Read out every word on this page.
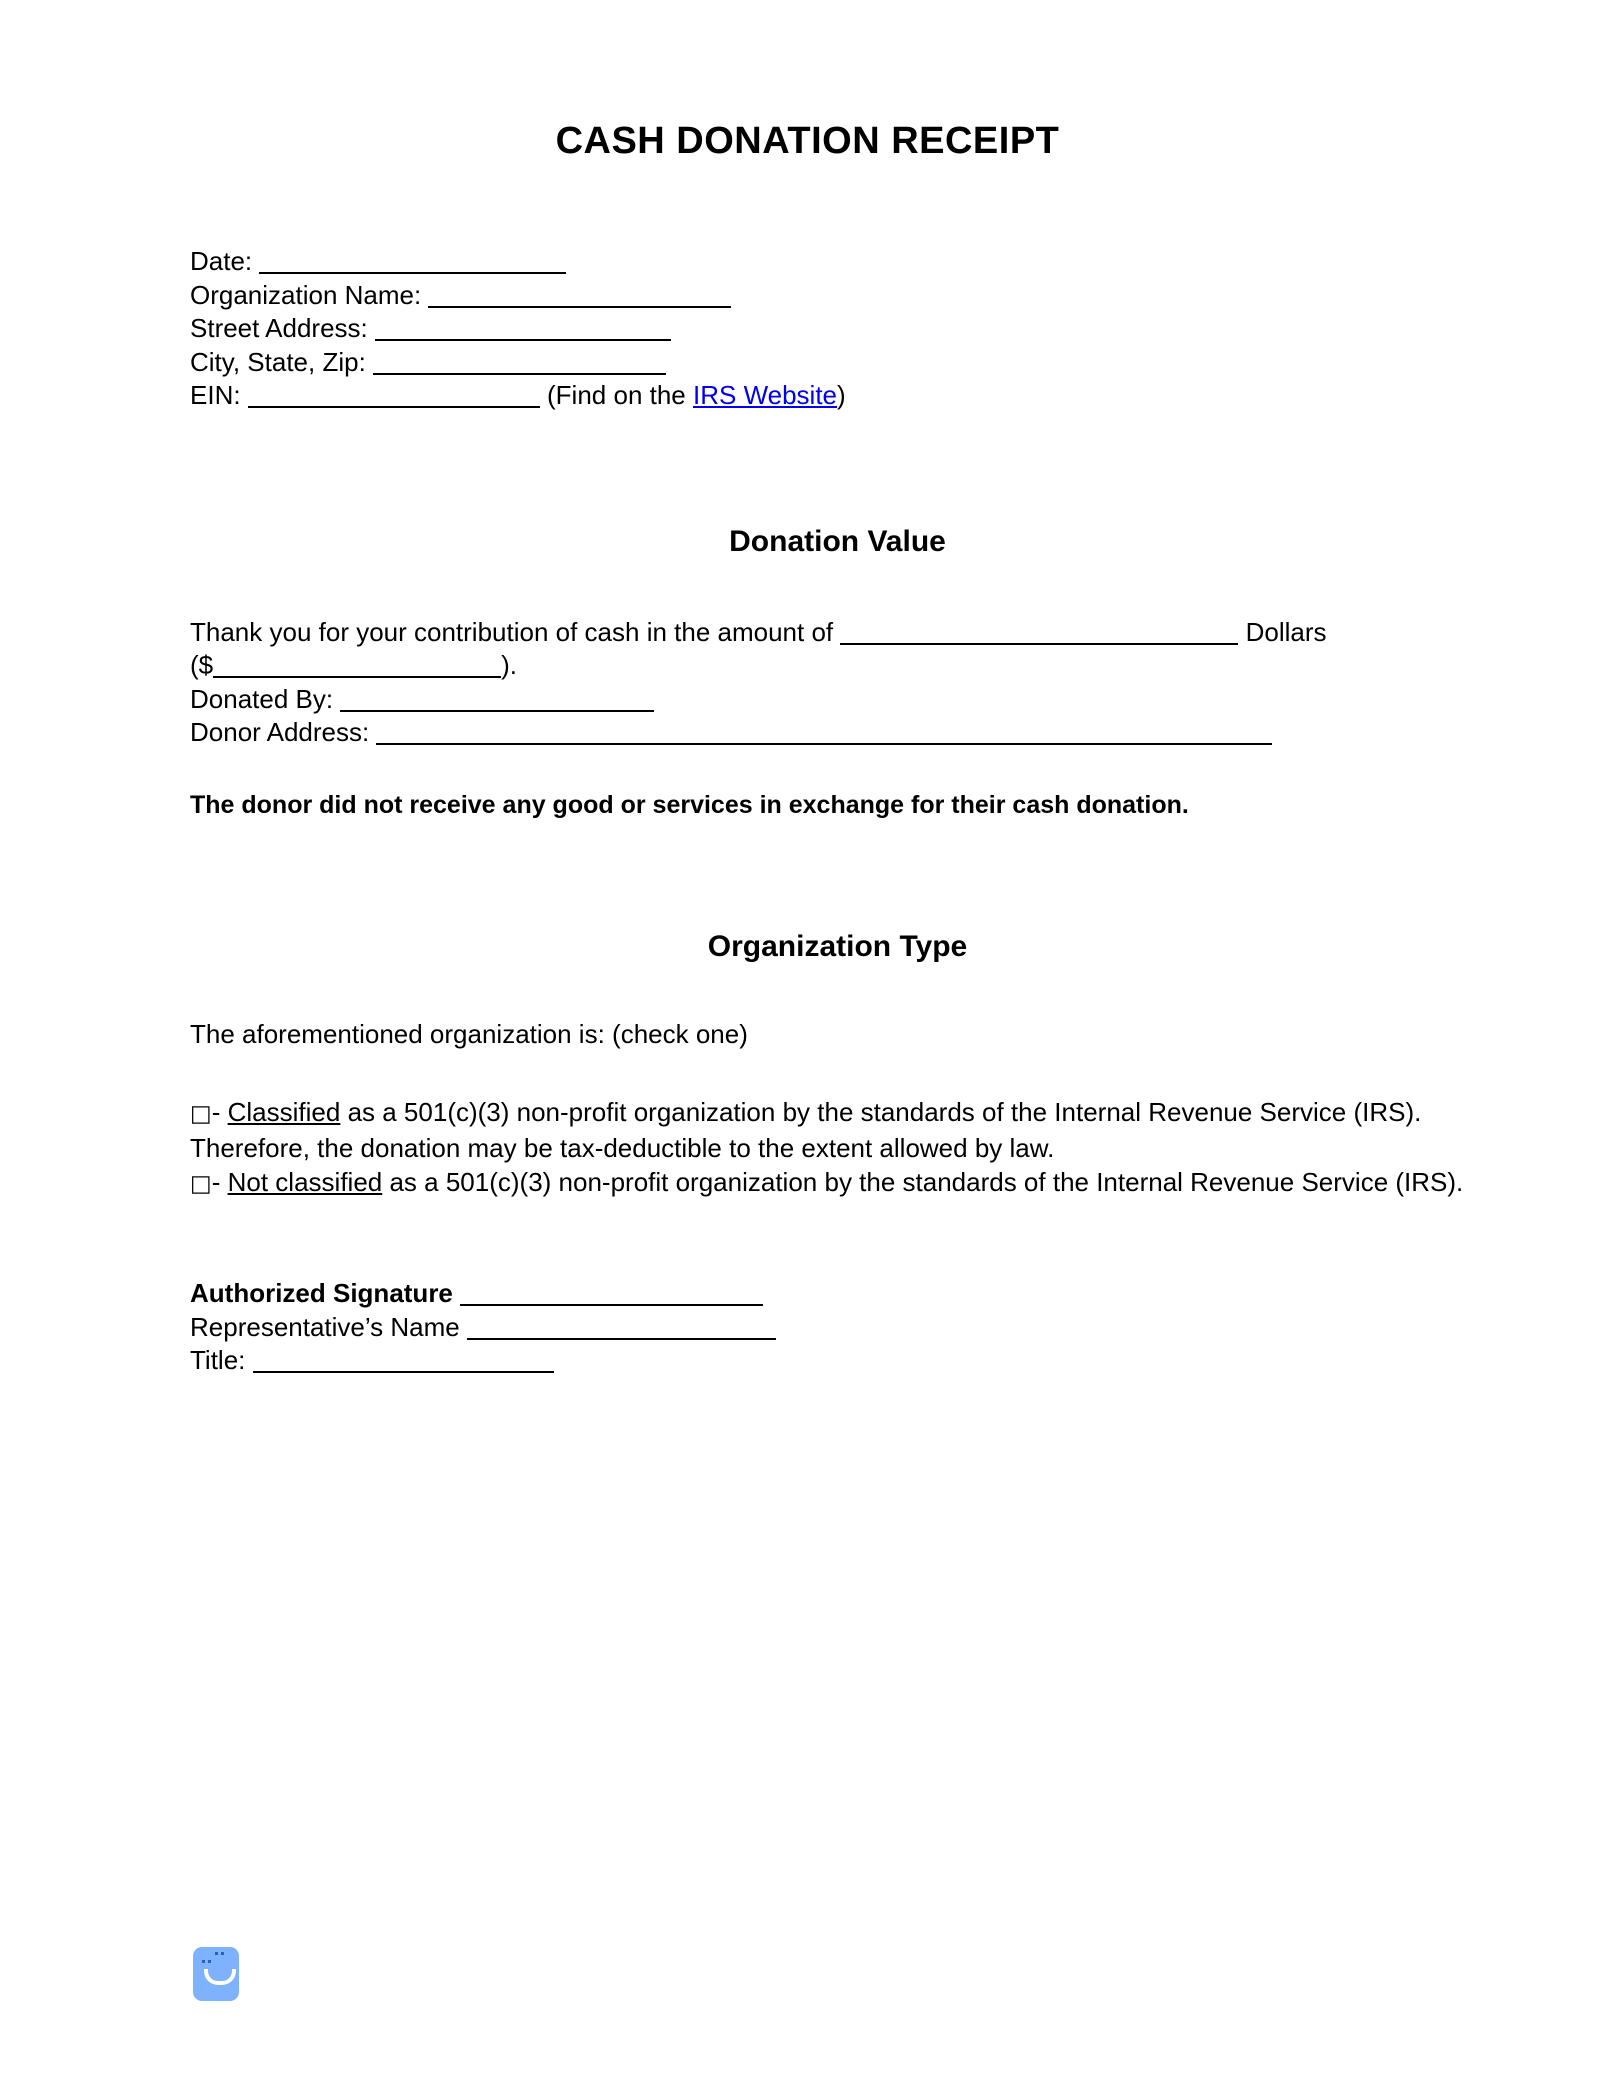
CASH DONATION RECEIPT
Date:
Organization Name:
Street Address:
City, State, Zip:
EIN:	(Find on the IRS Website)
Donation Value
Thank you for your contribution of cash in the amount of	Dollars
($	).
Donated By:
Donor Address:
The donor did not receive any good or services in exchange for their cash donation.
Organization Type
The aforementioned organization is: (check one)
□- Classified as a 501(c)(3) non-profit organization by the standards of the Internal Revenue Service (IRS). Therefore, the donation may be tax-deductible to the extent allowed by law.
□- Not classified as a 501(c)(3) non-profit organization by the standards of the Internal Revenue Service (IRS).
Authorized Signature
Representative’s Name
Title:
